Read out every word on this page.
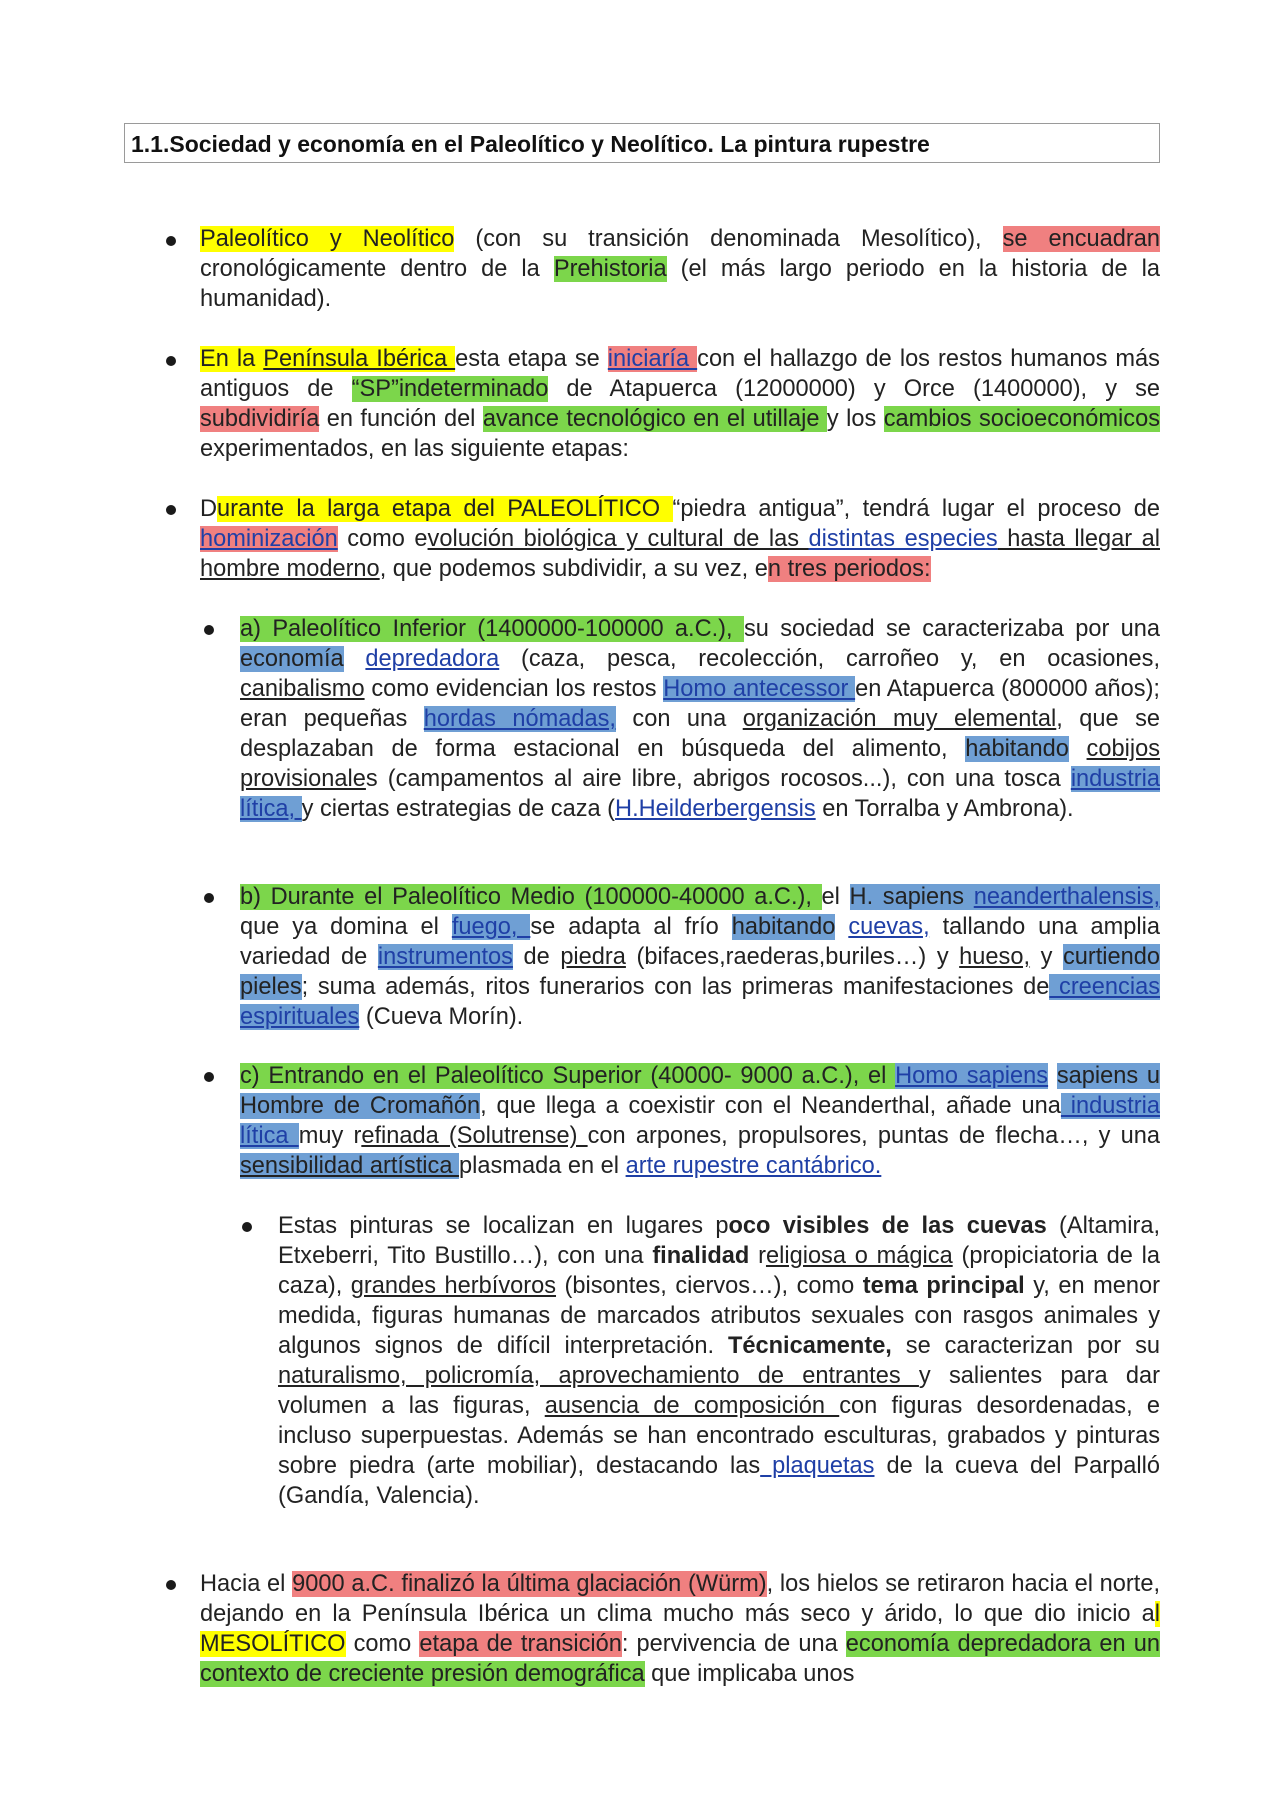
1.1.Sociedad y economía en el Paleolítico y Neolítico. La pintura rupestre

Paleolítico y Neolítico (con su transición denominada Mesolítico), se encuadran cronológicamente dentro de la Prehistoria (el más largo periodo en la historia de la humanidad).

En la Península Ibérica esta etapa se iniciaría con el hallazgo de los restos humanos más antiguos de “SP”indeterminado de Atapuerca (12000000) y Orce (1400000), y se subdividiría en función del avance tecnológico en el utillaje y los cambios socioeconómicos experimentados, en las siguiente etapas:

Durante la larga etapa del PALEOLÍTICO “piedra antigua”, tendrá lugar el proceso de hominización como evolución biológica y cultural de las distintas especies hasta llegar al hombre moderno, que podemos subdividir, a su vez, en tres periodos:

a) Paleolítico Inferior (1400000-100000 a.C.), su sociedad se caracterizaba por una economía depredadora (caza, pesca, recolección, carroñeo y, en ocasiones, canibalismo como evidencian los restos Homo antecessor en Atapuerca (800000 años); eran pequeñas hordas nómadas, con una organización muy elemental, que se desplazaban de forma estacional en búsqueda del alimento, habitando cobijos provisionales (campamentos al aire libre, abrigos rocosos...), con una tosca industria lítica, y ciertas estrategias de caza (H.Heilderbergensis en Torralba y Ambrona).

b) Durante el Paleolítico Medio (100000-40000 a.C.), el H. sapiens neanderthalensis, que ya domina el fuego, se adapta al frío habitando cuevas, tallando una amplia variedad de instrumentos de piedra (bifaces,raederas,buriles…) y hueso, y curtiendo pieles; suma además, ritos funerarios con las primeras manifestaciones de creencias espirituales (Cueva Morín).

c) Entrando en el Paleolítico Superior (40000- 9000 a.C.), el Homo sapiens sapiens u Hombre de Cromañón, que llega a coexistir con el Neanderthal, añade una industria lítica muy refinada (Solutrense) con arpones, propulsores, puntas de flecha…, y una sensibilidad artística plasmada en el arte rupestre cantábrico.

Estas pinturas se localizan en lugares poco visibles de las cuevas (Altamira, Etxeberri, Tito Bustillo…), con una finalidad religiosa o mágica (propiciatoria de la caza), grandes herbívoros (bisontes, ciervos…), como tema principal y, en menor medida, figuras humanas de marcados atributos sexuales con rasgos animales y algunos signos de difícil interpretación. Técnicamente, se caracterizan por su naturalismo, policromía, aprovechamiento de entrantes y salientes para dar volumen a las figuras, ausencia de composición con figuras desordenadas, e incluso superpuestas. Además se han encontrado esculturas, grabados y pinturas sobre piedra (arte mobiliar), destacando las plaquetas de la cueva del Parpalló (Gandía, Valencia).

Hacia el 9000 a.C. finalizó la última glaciación (Würm), los hielos se retiraron hacia el norte, dejando en la Península Ibérica un clima mucho más seco y árido, lo que dio inicio al MESOLÍTICO como etapa de transición: pervivencia de una economía depredadora en un contexto de creciente presión demográfica que implicaba unos
